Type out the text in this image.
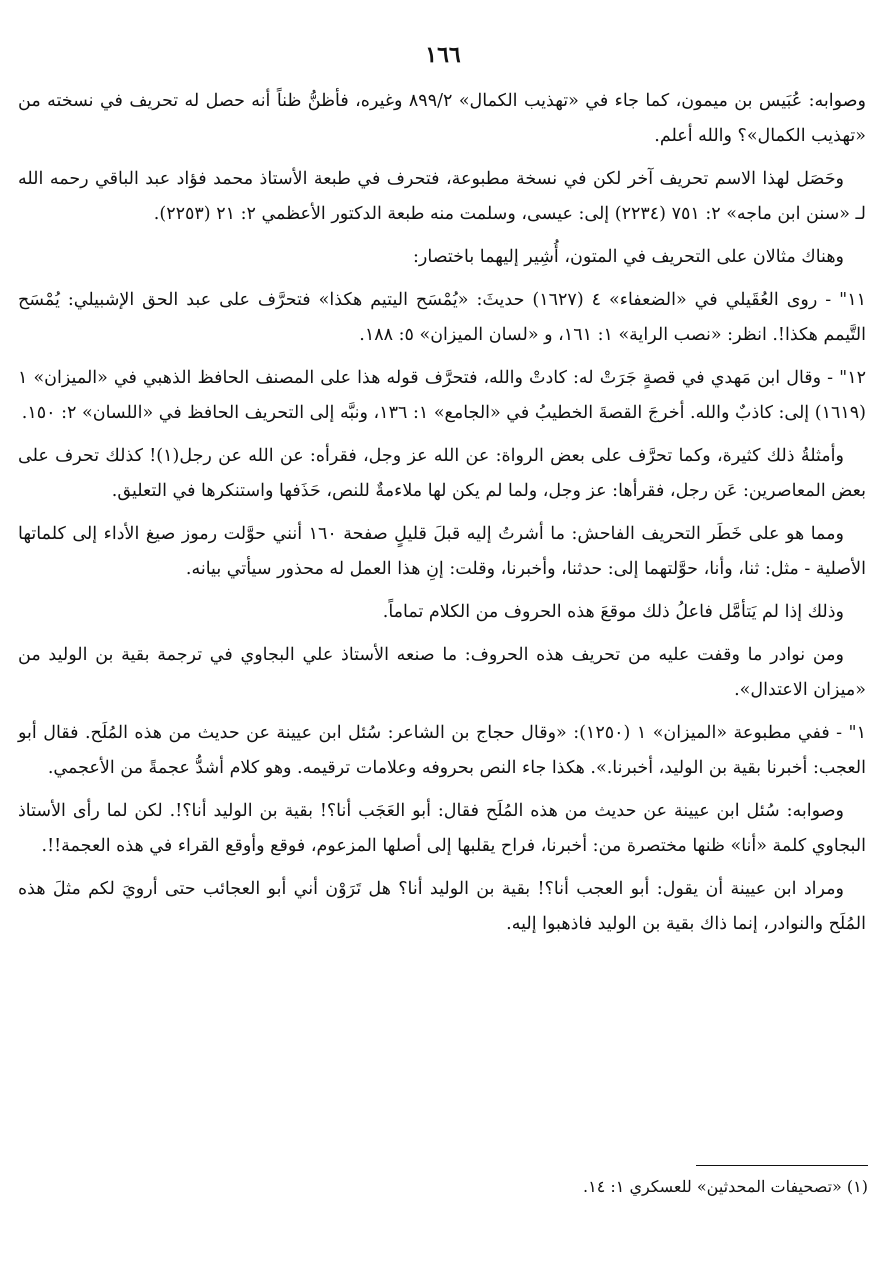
١٦٦

وصوابه: عُبَيس بن ميمون، كما جاء في «تهذيب الكمال» ٨٩٩/٢ وغيره، فأظنُّ ظناً أنه حصل له تحريف في نسخته من «تهذيب الكمال»؟ والله أعلم.

وحَصَل لهذا الاسم تحريف آخر لكن في نسخة مطبوعة، فتحرف في طبعة الأستاذ محمد فؤاد عبد الباقي رحمه الله لـ «سنن ابن ماجه» ٢: ٧٥١ (٢٢٣٤) إلى: عيسى، وسلمت منه طبعة الدكتور الأعظمي ٢: ٢١ (٢٢٥٣).

وهناك مثالان على التحريف في المتون، أُشِير إليهما باختصار:

١١" - روى العُقَيلي في «الضعفاء» ٤ (١٦٢٧) حديثَ: «يُمْسَح اليتيم هكذا» فتحرَّف على عبد الحق الإشبيلي: يُمْسَح التَّيمم هكذا!. انظر: «نصب الراية» ١: ١٦١، و «لسان الميزان» ٥: ١٨٨.

١٢" - وقال ابن مَهدي في قصةٍ جَرَتْ له: كادتْ والله، فتحرَّف قوله هذا على المصنف الحافظ الذهبي في «الميزان» ١ (١٦١٩) إلى: كاذبٌ والله. أخرجَ القصةَ الخطيبُ في «الجامع» ١: ١٣٦، ونبَّه إلى التحريف الحافظ في «اللسان» ٢: ١٥٠.

وأمثلةُ ذلك كثيرة، وكما تحرَّف على بعض الرواة: عن الله عز وجل، فقرأه: عن الله عن رجل(١)! كذلك تحرف على بعض المعاصرين: عَن رجل، فقرأها: عز وجل، ولما لم يكن لها ملاءمةٌ للنص، حَذَفها واستنكرها في التعليق.

ومما هو على خَطَر التحريف الفاحش: ما أشرتُ إليه قبلَ قليلٍ صفحة ١٦٠ أنني حوَّلت رموز صيغ الأداء إلى كلماتها الأصلية - مثل: ثنا، وأنا، حوَّلتهما إلى: حدثنا، وأخبرنا، وقلت: إنِ هذا العمل له محذور سيأتي بيانه.

وذلك إذا لم يَتأمَّل فاعلُ ذلك موقعَ هذه الحروف من الكلام تماماً.

ومن نوادر ما وقفت عليه من تحريف هذه الحروف: ما صنعه الأستاذ علي البجاوي في ترجمة بقية بن الوليد من «ميزان الاعتدال».

١" - ففي مطبوعة «الميزان» ١ (١٢٥٠): «وقال حجاج بن الشاعر: سُئل ابن عيينة عن حديث من هذه المُلَح. فقال أبو العجب: أخبرنا بقية بن الوليد، أخبرنا.». هكذا جاء النص بحروفه وعلامات ترقيمه. وهو كلام أشدُّ عجمةً من الأعجمي.

وصوابه: سُئل ابن عيينة عن حديث من هذه المُلَح فقال: أبو العَجَب أنا؟! بقية بن الوليد أنا؟!. لكن لما رأى الأستاذ البجاوي كلمة «أنا» ظنها مختصرة من: أخبرنا، فراح يقلبها إلى أصلها المزعوم، فوقع وأوقع القراء في هذه العجمة!!.

ومراد ابن عيينة أن يقول: أبو العجب أنا؟! بقية بن الوليد أنا؟ هل تَرَوْن أني أبو العجائب حتى أرويَ لكم مثلَ هذه المُلَح والنوادر، إنما ذاك بقية بن الوليد فاذهبوا إليه.

(١) «تصحيفات المحدثين» للعسكري ١: ١٤.
